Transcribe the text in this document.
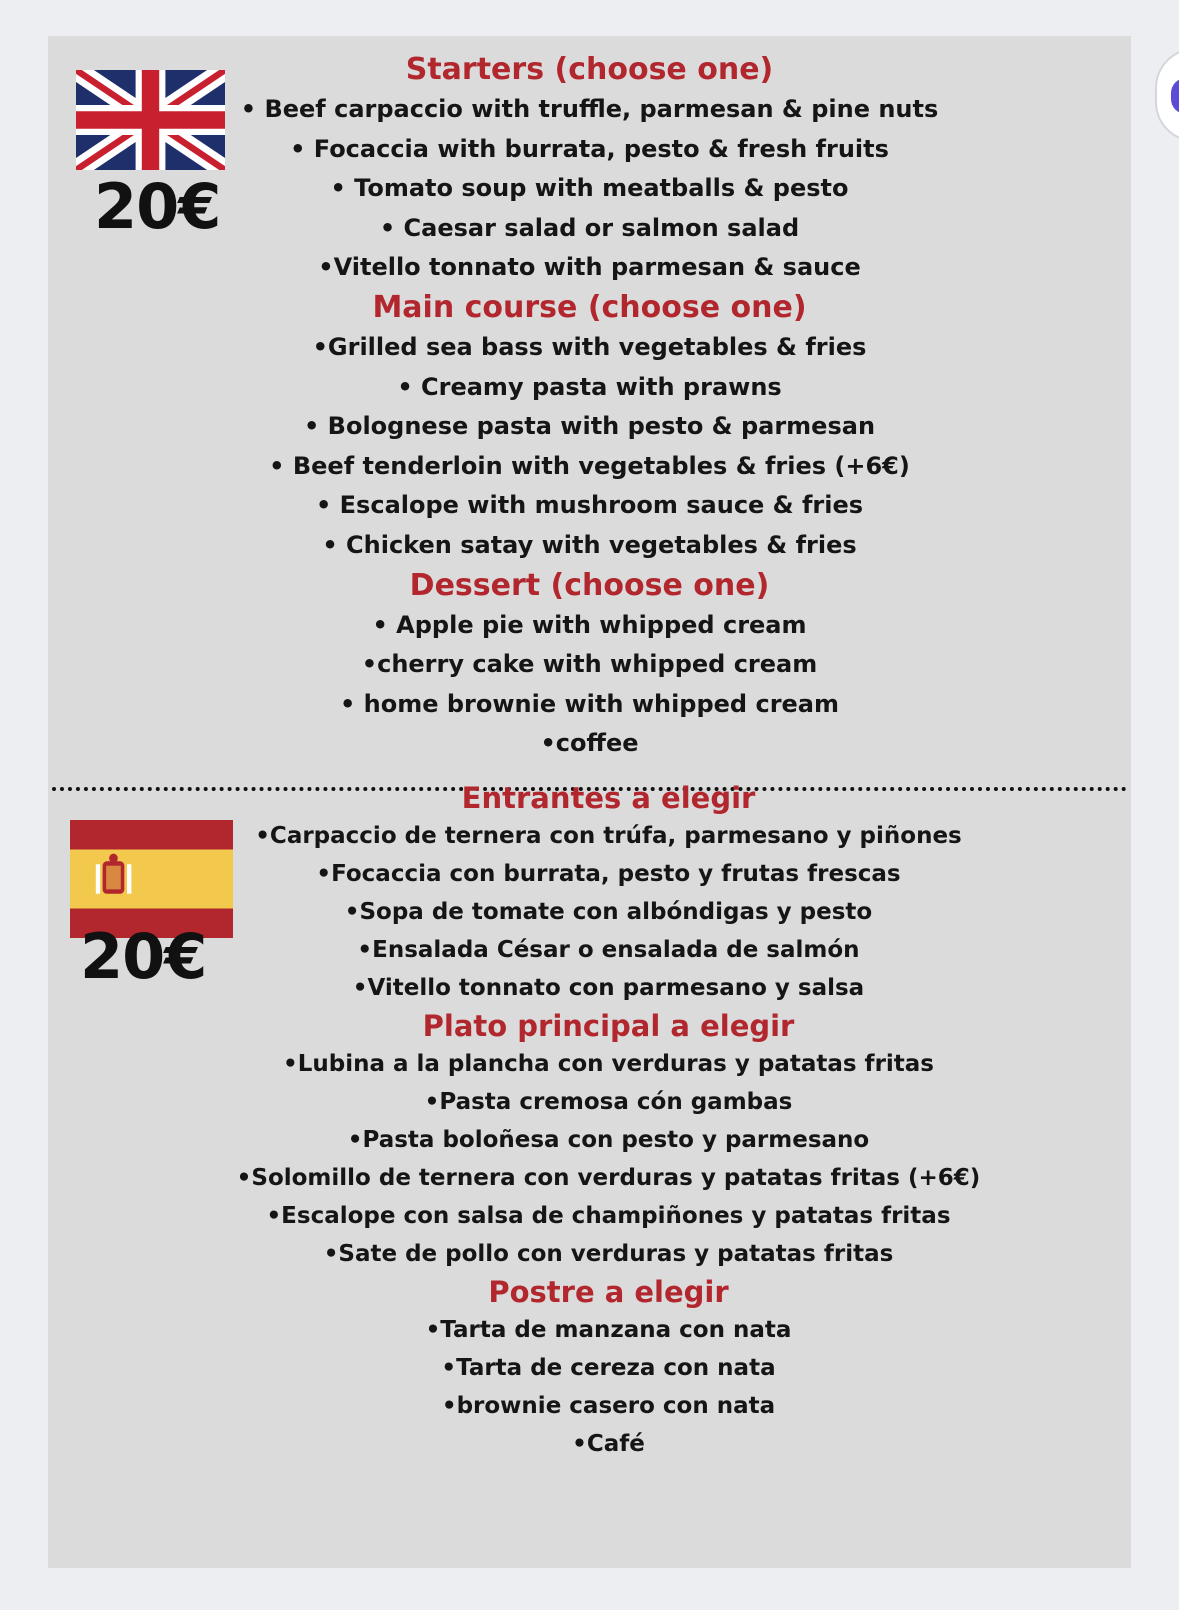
20€

Starters (choose one)

• Beef carpaccio with truffle, parmesan & pine nuts

• Focaccia with burrata, pesto & fresh fruits

• Tomato soup with meatballs & pesto

• Caesar salad or salmon salad

•Vitello tonnato with parmesan & sauce

Main course (choose one)

•Grilled sea bass with vegetables & fries

• Creamy pasta with prawns

• Bolognese pasta with pesto & parmesan

• Beef tenderloin with vegetables & fries (+6€)

• Escalope with mushroom sauce & fries

• Chicken satay with vegetables & fries

Dessert (choose one)

• Apple pie with whipped cream

•cherry cake with whipped cream

• home brownie with whipped cream

•coffee

20€

Entrantes a elegir

•Carpaccio de ternera con trúfa, parmesano y piñones

•Focaccia con burrata, pesto y frutas frescas

•Sopa de tomate con albóndigas y pesto

•Ensalada César o ensalada de salmón

•Vitello tonnato con parmesano y salsa

Plato principal a elegir

•Lubina a la plancha con verduras y patatas fritas

•Pasta cremosa cón gambas

•Pasta boloñesa con pesto y parmesano

•Solomillo de ternera con verduras y patatas fritas (+6€)

•Escalope con salsa de champiñones y patatas fritas

•Sate de pollo con verduras y patatas fritas

Postre a elegir

•Tarta de manzana con nata

•Tarta de cereza con nata

•brownie casero con nata

•Café
